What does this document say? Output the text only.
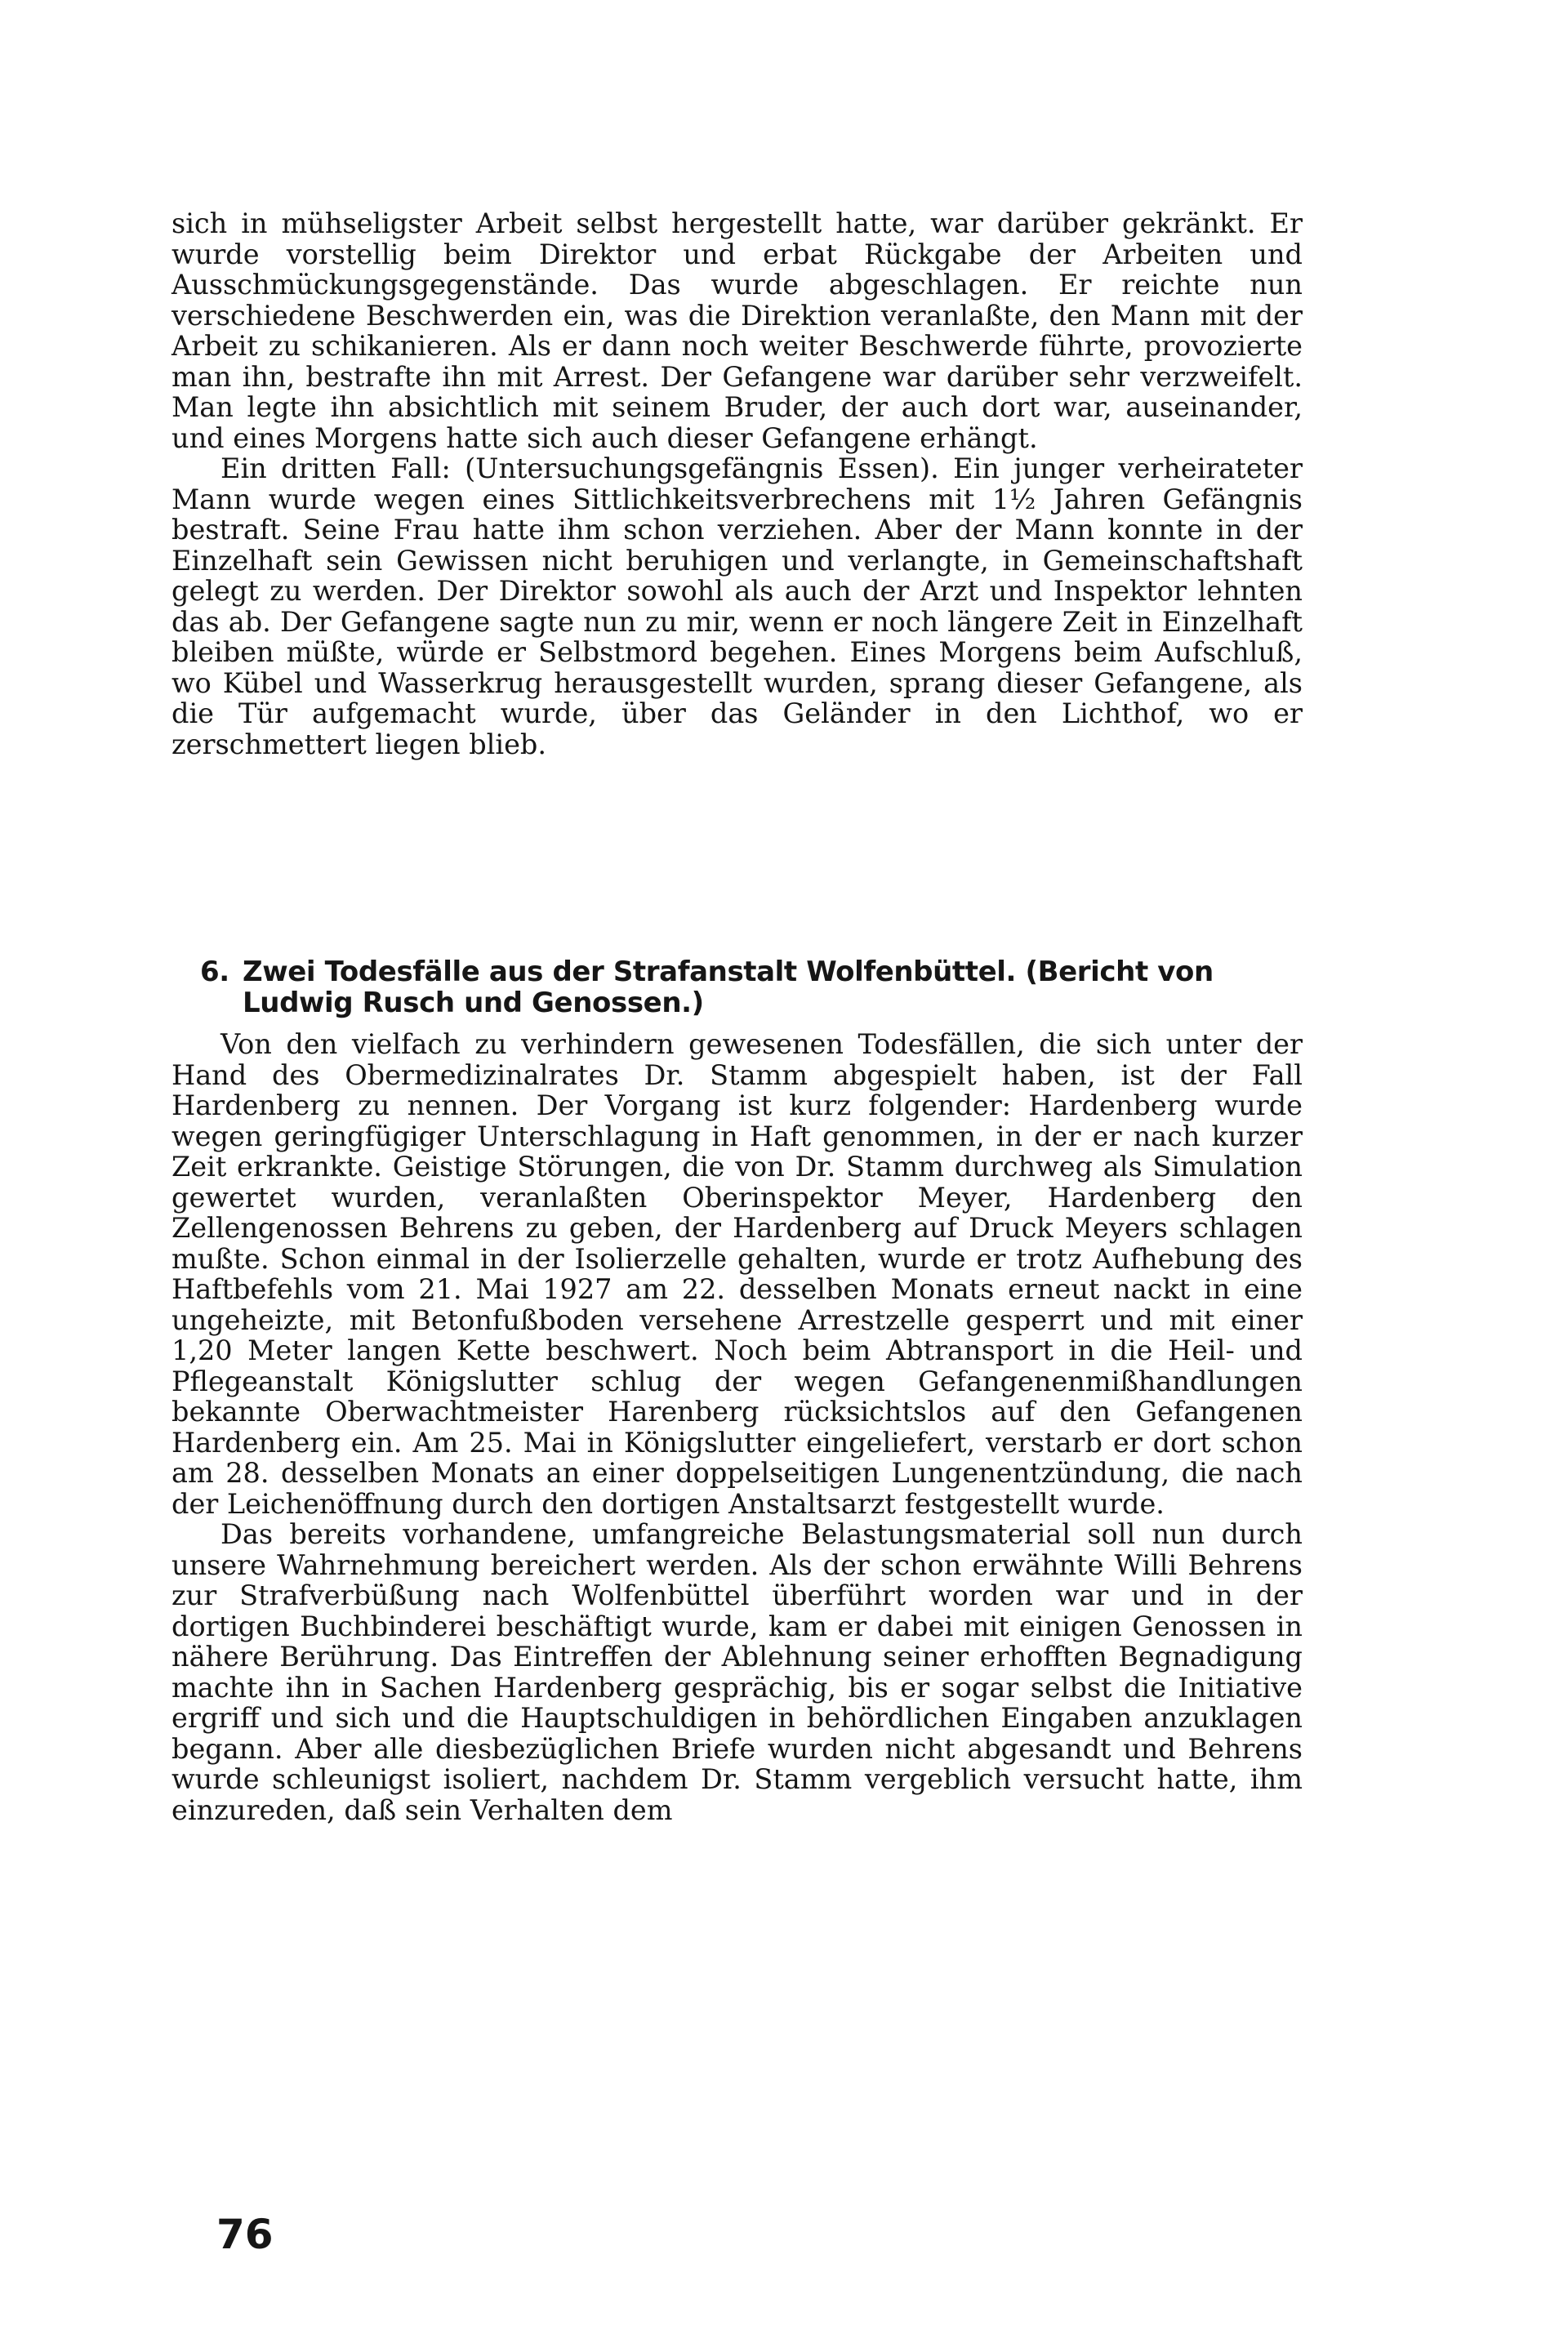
sich in mühseligster Arbeit selbst hergestellt hatte, war darüber gekränkt. Er wurde vorstellig beim Direktor und erbat Rückgabe der Arbeiten und Ausschmückungsgegenstände. Das wurde abgeschlagen. Er reichte nun verschiedene Beschwerden ein, was die Direktion veranlaßte, den Mann mit der Arbeit zu schikanieren. Als er dann noch weiter Beschwerde führte, provozierte man ihn, bestrafte ihn mit Arrest. Der Gefangene war darüber sehr verzweifelt. Man legte ihn absichtlich mit seinem Bruder, der auch dort war, auseinander, und eines Morgens hatte sich auch dieser Gefangene erhängt.

Ein dritten Fall: (Untersuchungsgefängnis Essen). Ein junger verheirateter Mann wurde wegen eines Sittlichkeitsverbrechens mit 1½ Jahren Gefängnis bestraft. Seine Frau hatte ihm schon verziehen. Aber der Mann konnte in der Einzelhaft sein Gewissen nicht beruhigen und verlangte, in Gemeinschaftshaft gelegt zu werden. Der Direktor sowohl als auch der Arzt und Inspektor lehnten das ab. Der Gefangene sagte nun zu mir, wenn er noch längere Zeit in Einzelhaft bleiben müßte, würde er Selbstmord begehen. Eines Morgens beim Aufschluß, wo Kübel und Wasserkrug herausgestellt wurden, sprang dieser Gefangene, als die Tür aufgemacht wurde, über das Geländer in den Lichthof, wo er zerschmettert liegen blieb.

6. Zwei Todesfälle aus der Strafanstalt Wolfenbüttel. (Bericht von
Ludwig Rusch und Genossen.)

Von den vielfach zu verhindern gewesenen Todesfällen, die sich unter der Hand des Obermedizinalrates Dr. Stamm abgespielt haben, ist der Fall Hardenberg zu nennen. Der Vorgang ist kurz folgender: Hardenberg wurde wegen geringfügiger Unterschlagung in Haft genommen, in der er nach kurzer Zeit erkrankte. Geistige Störungen, die von Dr. Stamm durchweg als Simulation gewertet wurden, veranlaßten Oberinspektor Meyer, Hardenberg den Zellengenossen Behrens zu geben, der Hardenberg auf Druck Meyers schlagen mußte. Schon einmal in der Isolierzelle gehalten, wurde er trotz Aufhebung des Haftbefehls vom 21. Mai 1927 am 22. desselben Monats erneut nackt in eine ungeheizte, mit Betonfußboden versehene Arrestzelle gesperrt und mit einer 1,20 Meter langen Kette beschwert. Noch beim Abtransport in die Heil- und Pflegeanstalt Königslutter schlug der wegen Gefangenenmißhandlungen bekannte Oberwachtmeister Harenberg rücksichtslos auf den Gefangenen Hardenberg ein. Am 25. Mai in Königslutter eingeliefert, verstarb er dort schon am 28. desselben Monats an einer doppelseitigen Lungenentzündung, die nach der Leichenöffnung durch den dortigen Anstaltsarzt festgestellt wurde.

Das bereits vorhandene, umfangreiche Belastungsmaterial soll nun durch unsere Wahrnehmung bereichert werden. Als der schon erwähnte Willi Behrens zur Strafverbüßung nach Wolfenbüttel überführt worden war und in der dortigen Buchbinderei beschäftigt wurde, kam er dabei mit einigen Genossen in nähere Berührung. Das Eintreffen der Ablehnung seiner erhofften Begnadigung machte ihn in Sachen Hardenberg gesprächig, bis er sogar selbst die Initiative ergriff und sich und die Hauptschuldigen in behördlichen Eingaben anzuklagen begann. Aber alle diesbezüglichen Briefe wurden nicht abgesandt und Behrens wurde schleunigst isoliert, nachdem Dr. Stamm vergeblich versucht hatte, ihm einzureden, daß sein Verhalten dem

76
